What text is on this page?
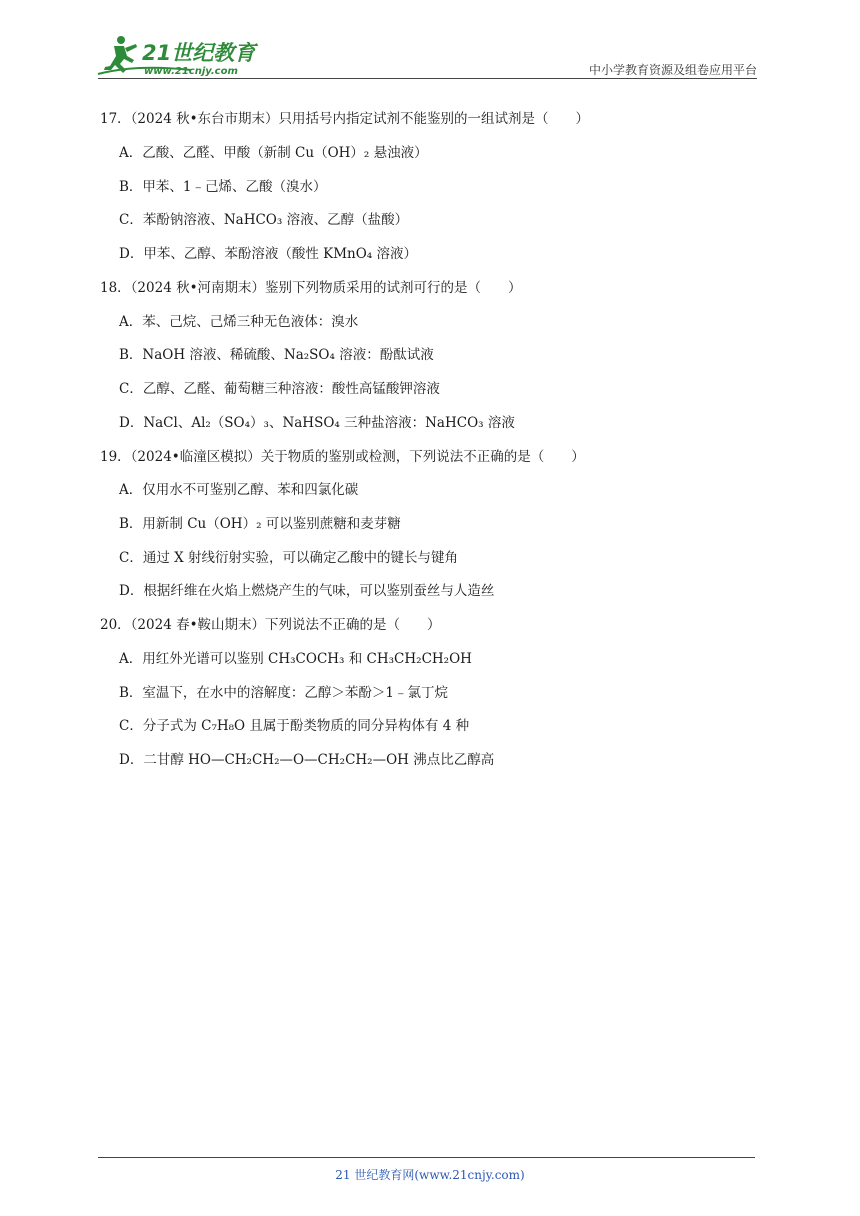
21世纪教育
www.21cnjy.com	中小学教育资源及组卷应用平台

17．（2024 秋•东台市期末）只用括号内指定试剂不能鉴别的一组试剂是（　　）

A．乙酸、乙醛、甲酸（新制 Cu（OH）₂ 悬浊液）

B．甲苯、1﹣己烯、乙酸（溴水）

C．苯酚钠溶液、NaHCO₃ 溶液、乙醇（盐酸）

D．甲苯、乙醇、苯酚溶液（酸性 KMnO₄ 溶液）

18．（2024 秋•河南期末）鉴别下列物质采用的试剂可行的是（　　）

A．苯、己烷、己烯三种无色液体：溴水

B．NaOH 溶液、稀硫酸、Na₂SO₄ 溶液：酚酞试液

C．乙醇、乙醛、葡萄糖三种溶液：酸性高锰酸钾溶液

D．NaCl、Al₂（SO₄）₃、NaHSO₄ 三种盐溶液：NaHCO₃ 溶液

19．（2024•临潼区模拟）关于物质的鉴别或检测，下列说法不正确的是（　　）

A．仅用水不可鉴别乙醇、苯和四氯化碳

B．用新制 Cu（OH）₂ 可以鉴别蔗糖和麦芽糖

C．通过 X 射线衍射实验，可以确定乙酸中的键长与键角

D．根据纤维在火焰上燃烧产生的气味，可以鉴别蚕丝与人造丝

20．（2024 春•鞍山期末）下列说法不正确的是（　　）

A．用红外光谱可以鉴别 CH₃COCH₃ 和 CH₃CH₂CH₂OH

B．室温下，在水中的溶解度：乙醇＞苯酚＞1﹣氯丁烷

C．分子式为 C₇H₈O 且属于酚类物质的同分异构体有 4 种

D．二甘醇 HO—CH₂CH₂—O—CH₂CH₂—OH 沸点比乙醇高

21 世纪教育网(www.21cnjy.com)
